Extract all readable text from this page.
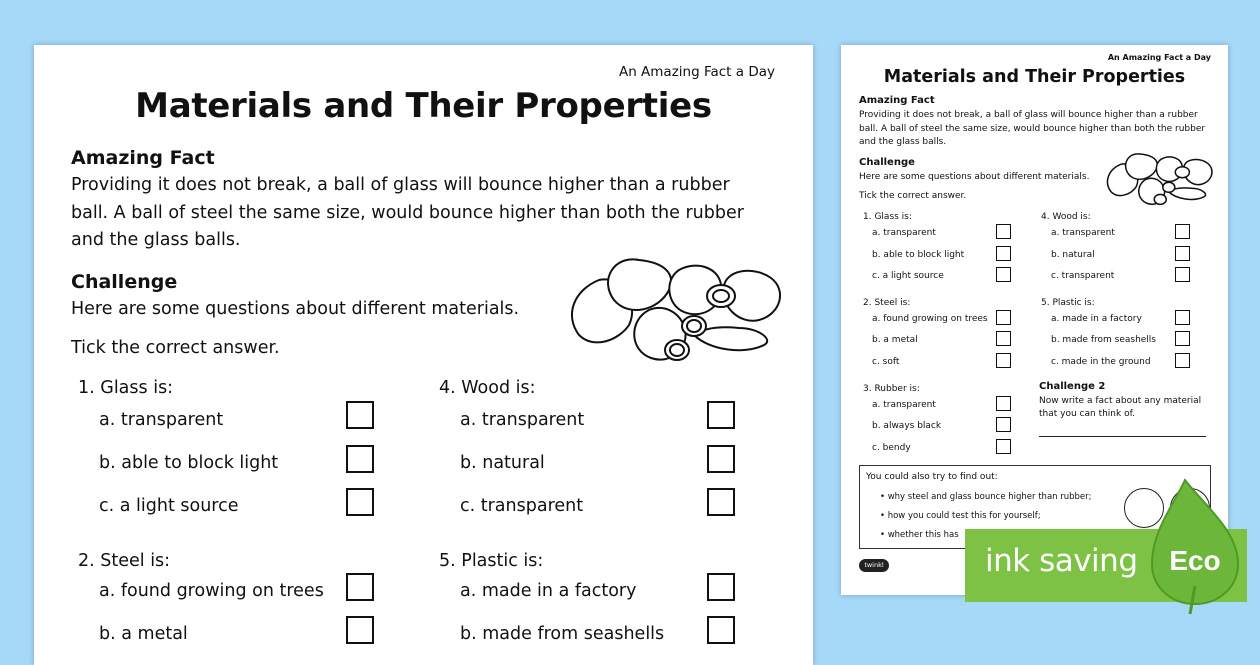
An Amazing Fact a Day
Materials and Their Properties
Amazing Fact
Providing it does not break, a ball of glass will bounce higher than a rubber
ball. A ball of steel the same size, would bounce higher than both the rubber
and the glass balls.
Challenge
Here are some questions about different materials.
Tick the correct answer.
1. Glass is:
a. transparent
b. able to block light
c. a light source
4. Wood is:
a. transparent
b. natural
c. transparent
2. Steel is:
a. found growing on trees
b. a metal
5. Plastic is:
a. made in a factory
b. made from seashells
An Amazing Fact a Day
Materials and Their Properties
Amazing Fact
Providing it does not break, a ball of glass will bounce higher than a rubber
ball. A ball of steel the same size, would bounce higher than both the rubber
and the glass balls.
Challenge
Here are some questions about different materials.
Tick the correct answer.
1. Glass is:
a. transparent
b. able to block light
c. a light source
4. Wood is:
a. transparent
b. natural
c. transparent
2. Steel is:
a. found growing on trees
b. a metal
c. soft
5. Plastic is:
a. made in a factory
b. made from seashells
c. made in the ground
3. Rubber is:
a. transparent
b. always black
c. bendy
Challenge 2
Now write a fact about any material
that you can think of.
You could also try to find out:
• why steel and glass bounce higher than rubber;
• how you could test this for yourself;
• whether this has
twinkl	ink saving Eco
